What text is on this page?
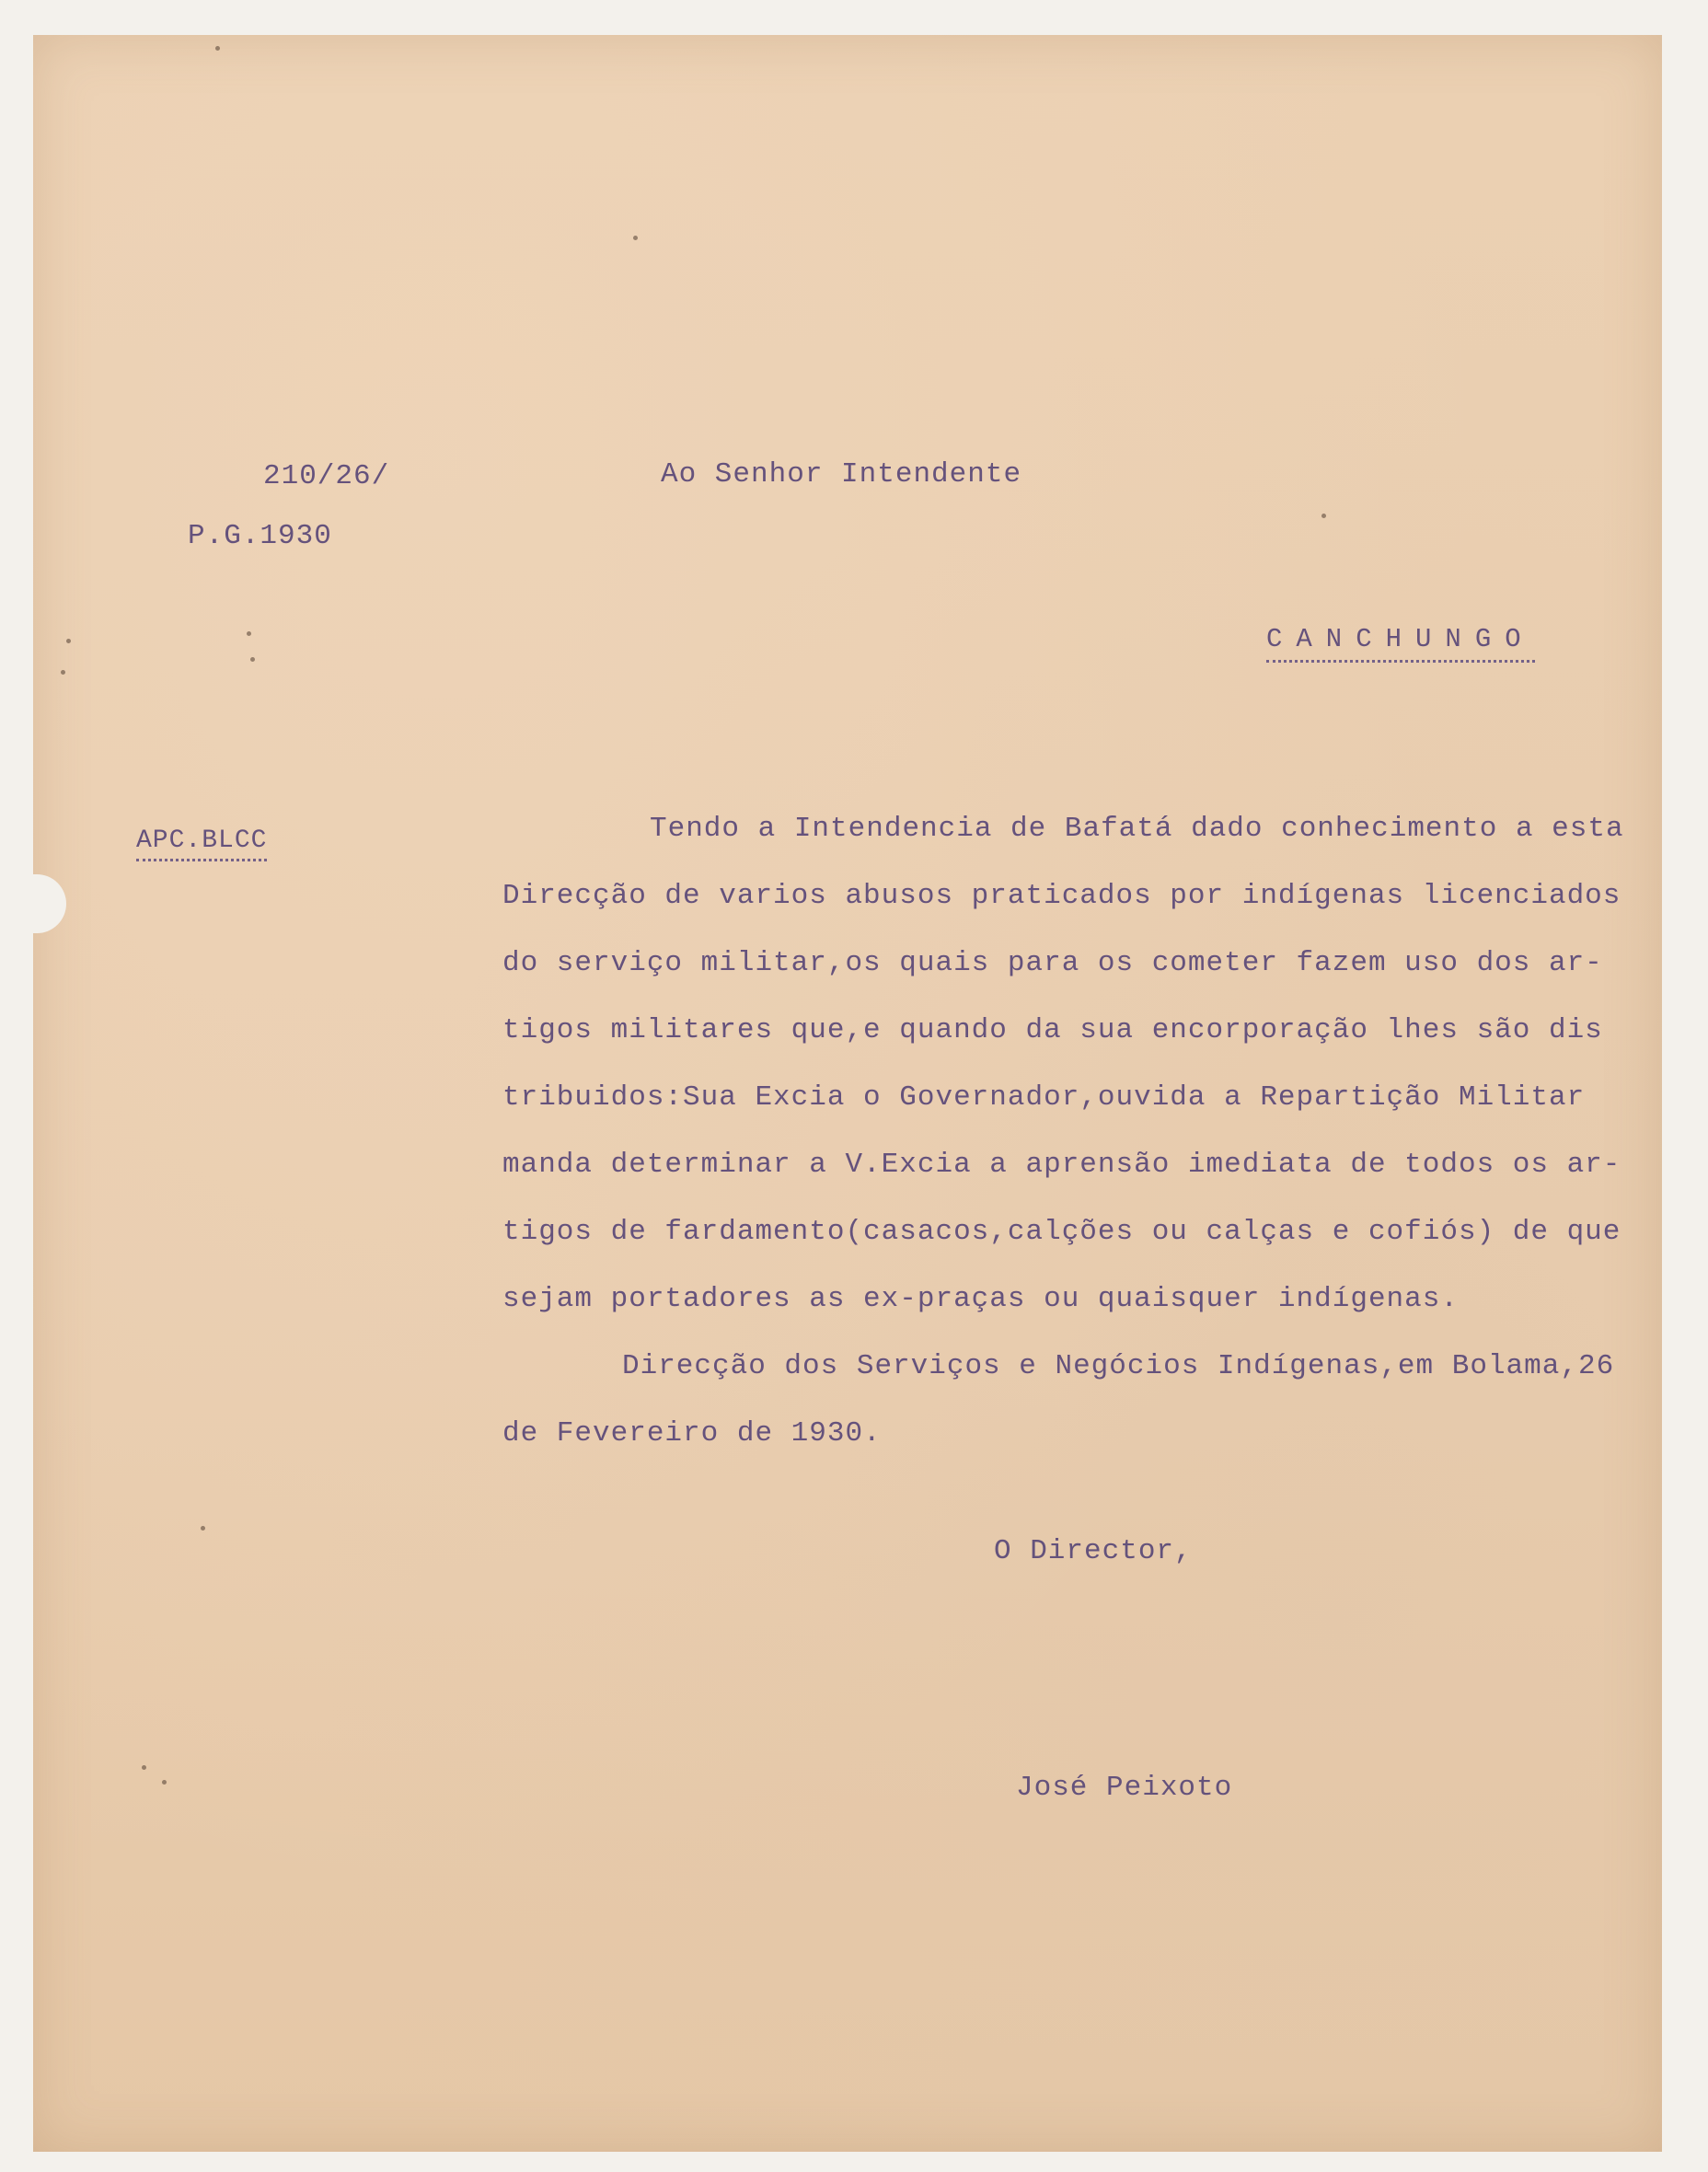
210/26/
P.G.1930
Ao Senhor Intendente
CANCHUNGO
APC.BLCC	Tendo a Intendencia de Bafatá dado conhecimento a esta
Direcção de varios abusos praticados por indígenas licenciados
do serviço militar,os quais para os cometer fazem uso dos ar-
tigos militares que,e quando da sua encorporação lhes são dis
tribuidos:Sua Excia o Governador,ouvida a Repartição Militar
manda determinar a V.Excia a aprensão imediata de todos os ar-
tigos de fardamento(casacos,calções ou calças e cofiós) de que
sejam portadores as ex-praças ou quaisquer indígenas.
Direcção dos Serviços e Negócios Indígenas,em Bolama,26
de Fevereiro de 1930.
O Director,
José Peixoto
